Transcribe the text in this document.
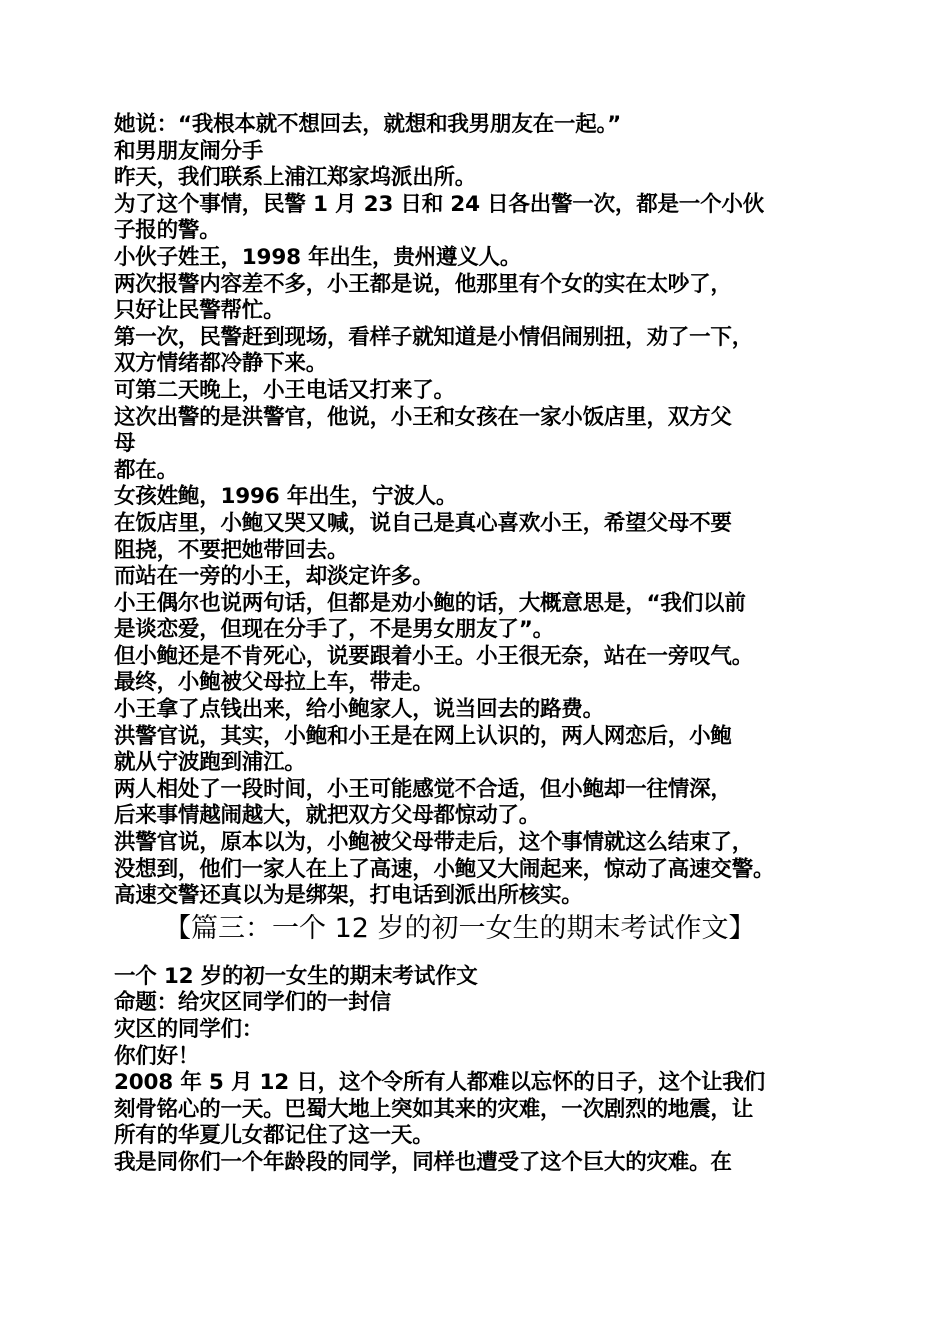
她说：“我根本就不想回去，就想和我男朋友在一起。”
和男朋友闹分手
昨天，我们联系上浦江郑家坞派出所。
为了这个事情，民警 1 月 23 日和 24 日各出警一次，都是一个小伙
子报的警。
小伙子姓王，1998 年出生，贵州遵义人。
两次报警内容差不多，小王都是说，他那里有个女的实在太吵了，
只好让民警帮忙。
第一次，民警赶到现场，看样子就知道是小情侣闹别扭，劝了一下，
双方情绪都冷静下来。
可第二天晚上，小王电话又打来了。
这次出警的是洪警官，他说，小王和女孩在一家小饭店里，双方父
母
都在。
女孩姓鲍，1996 年出生，宁波人。
在饭店里，小鲍又哭又喊，说自己是真心喜欢小王，希望父母不要
阻挠，不要把她带回去。
而站在一旁的小王，却淡定许多。
小王偶尔也说两句话，但都是劝小鲍的话，大概意思是，“我们以前
是谈恋爱，但现在分手了，不是男女朋友了”。
但小鲍还是不肯死心，说要跟着小王。小王很无奈，站在一旁叹气。
最终，小鲍被父母拉上车，带走。
小王拿了点钱出来，给小鲍家人，说当回去的路费。
洪警官说，其实，小鲍和小王是在网上认识的，两人网恋后，小鲍
就从宁波跑到浦江。
两人相处了一段时间，小王可能感觉不合适，但小鲍却一往情深，
后来事情越闹越大，就把双方父母都惊动了。
洪警官说，原本以为，小鲍被父母带走后，这个事情就这么结束了，
没想到，他们一家人在上了高速，小鲍又大闹起来，惊动了高速交警。
高速交警还真以为是绑架，打电话到派出所核实。
【篇三：一个 12 岁的初一女生的期末考试作文】
一个 12 岁的初一女生的期末考试作文
命题：给灾区同学们的一封信
灾区的同学们：
你们好！
2008 年 5 月 12 日，这个令所有人都难以忘怀的日子，这个让我们
刻骨铭心的一天。巴蜀大地上突如其来的灾难，一次剧烈的地震，让
所有的华夏儿女都记住了这一天。
我是同你们一个年龄段的同学，同样也遭受了这个巨大的灾难。在
